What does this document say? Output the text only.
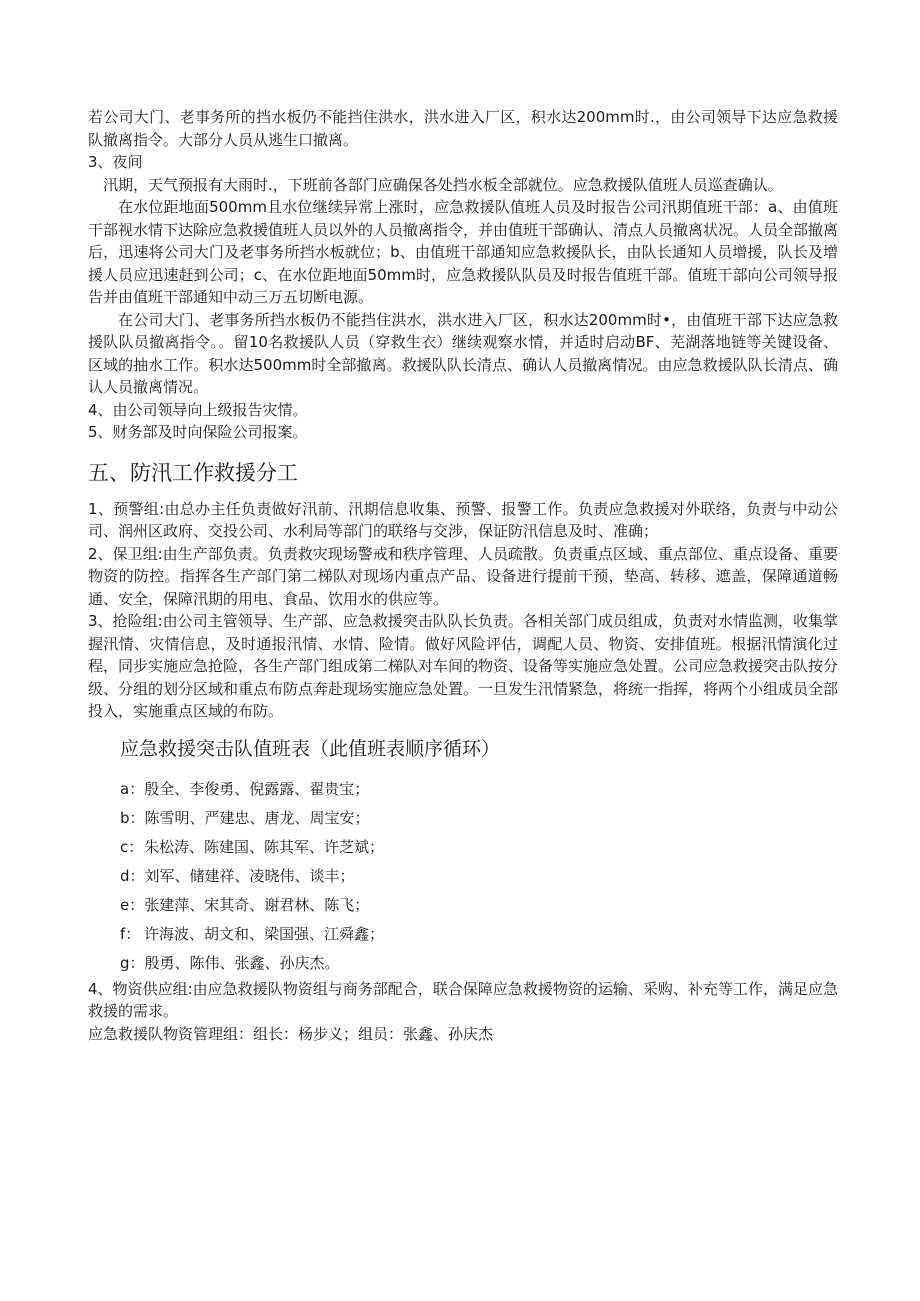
若公司大门、老事务所的挡水板仍不能挡住洪水，洪水进入厂区，积水达200mm时.，由公司领导下达应急救援队撤离指令。大部分人员从逃生口撤离。

3、夜间

汛期，天气预报有大雨时.，下班前各部门应确保各处挡水板全部就位。应急救援队值班人员巡查确认。

在水位距地面500mm且水位继续异常上涨时，应急救援队值班人员及时报告公司汛期值班干部：a、由值班干部视水情下达除应急救援值班人员以外的人员撤离指令，并由值班干部确认、清点人员撤离状况。人员全部撤离后，迅速将公司大门及老事务所挡水板就位；b、由值班干部通知应急救援队长，由队长通知人员增援，队长及增援人员应迅速赶到公司；c、在水位距地面50mm时，应急救援队队员及时报告值班干部。值班干部向公司领导报告并由值班干部通知中动三万五切断电源。

在公司大门、老事务所挡水板仍不能挡住洪水，洪水进入厂区，积水达200mm时•，由值班干部下达应急救援队队员撤离指令。。留10名救援队人员（穿救生衣）继续观察水情，并适时启动BF、芜湖落地链等关键设备、区域的抽水工作。积水达500mm时全部撤离。救援队队长清点、确认人员撤离情况。由应急救援队队长清点、确认人员撤离情况。

4、由公司领导向上级报告灾情。

5、财务部及时向保险公司报案。

五、防汛工作救援分工

1、预警组:由总办主任负责做好汛前、汛期信息收集、预警、报警工作。负责应急救援对外联络，负责与中动公司、润州区政府、交投公司、水利局等部门的联络与交涉，保证防汛信息及时、准确；

2、保卫组:由生产部负责。负责救灾现场警戒和秩序管理、人员疏散。负责重点区域、重点部位、重点设备、重要物资的防控。指挥各生产部门第二梯队对现场内重点产品、设备进行提前干预，垫高、转移、遮盖，保障通道畅通、安全，保障汛期的用电、食品、饮用水的供应等。

3、抢险组:由公司主管领导、生产部、应急救援突击队队长负责。各相关部门成员组成，负责对水情监测，收集掌握汛情、灾情信息，及时通报汛情、水情、险情。做好风险评估，调配人员、物资、安排值班。根据汛情演化过程，同步实施应急抢险，各生产部门组成第二梯队对车间的物资、设备等实施应急处置。公司应急救援突击队按分级、分组的划分区域和重点布防点奔赴现场实施应急处置。一旦发生汛情紧急，将统一指挥，将两个小组成员全部投入，实施重点区域的布防。

应急救援突击队值班表（此值班表顺序循环）

a：殷全、李俊勇、倪露露、翟贵宝；

b：陈雪明、严建忠、唐龙、周宝安；

c：朱松涛、陈建国、陈其军、许芝斌；

d：刘军、储建祥、凌晓伟、谈丰；

e：张建萍、宋其奇、谢君林、陈飞；

f： 许海波、胡文和、梁国强、江舜鑫；

g：殷勇、陈伟、张鑫、孙庆杰。

4、物资供应组:由应急救援队物资组与商务部配合，联合保障应急救援物资的运输、采购、补充等工作，满足应急救援的需求。

应急救援队物资管理组：组长：杨步义；组员：张鑫、孙庆杰
